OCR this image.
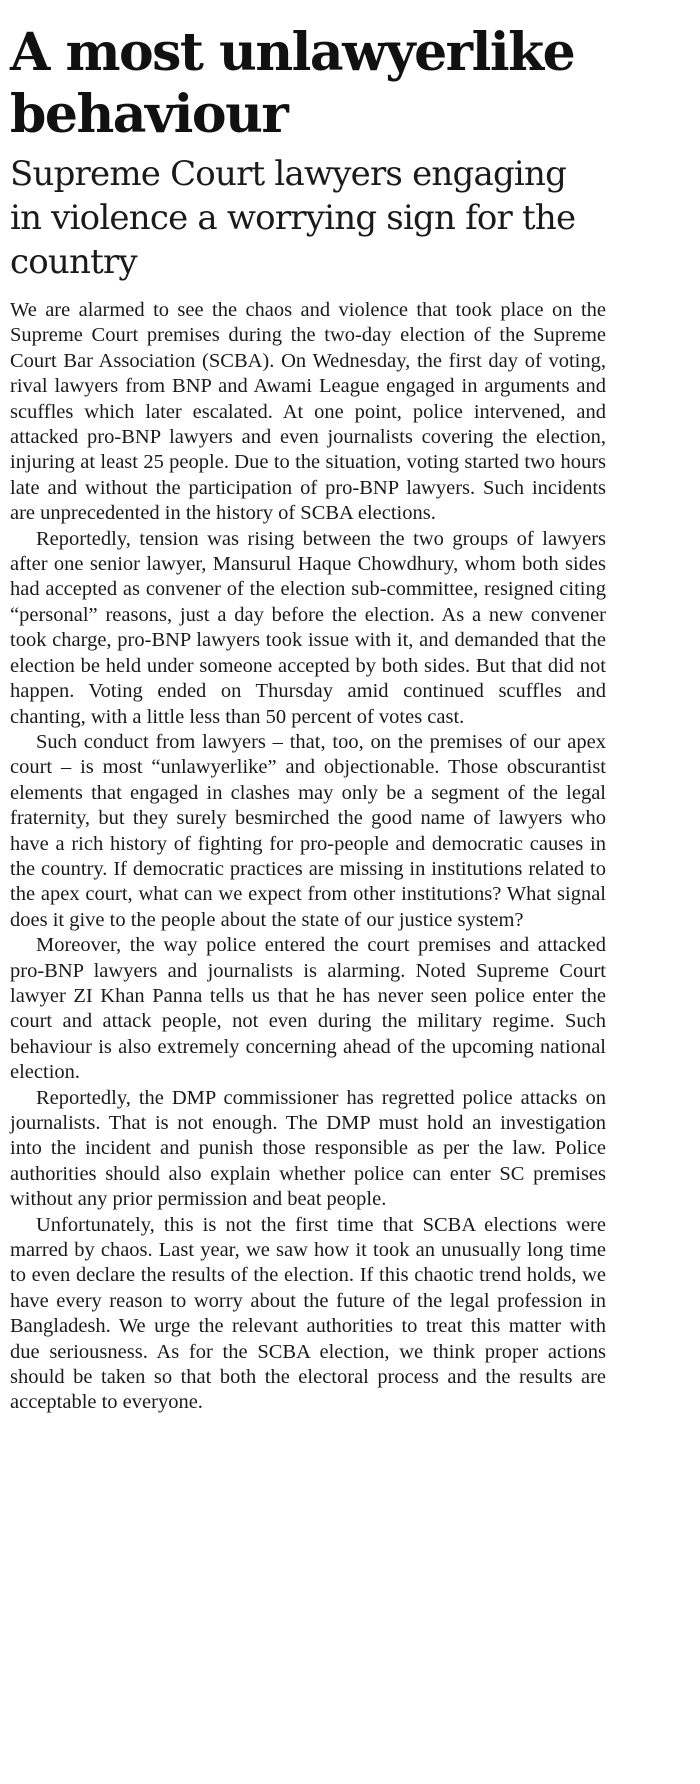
A most unlawyerlike behaviour
Supreme Court lawyers engaging in violence a worrying sign for the country

We are alarmed to see the chaos and violence that took place on the Supreme Court premises during the two-day election of the Supreme Court Bar Association (SCBA). On Wednesday, the first day of voting, rival lawyers from BNP and Awami League engaged in arguments and scuffles which later escalated. At one point, police intervened, and attacked pro-BNP lawyers and even journalists covering the election, injuring at least 25 people. Due to the situation, voting started two hours late and without the participation of pro-BNP lawyers. Such incidents are unprecedented in the history of SCBA elections.

Reportedly, tension was rising between the two groups of lawyers after one senior lawyer, Mansurul Haque Chowdhury, whom both sides had accepted as convener of the election sub-committee, resigned citing “personal” reasons, just a day before the election. As a new convener took charge, pro-BNP lawyers took issue with it, and demanded that the election be held under someone accepted by both sides. But that did not happen. Voting ended on Thursday amid continued scuffles and chanting, with a little less than 50 percent of votes cast.

Such conduct from lawyers – that, too, on the premises of our apex court – is most “unlawyerlike” and objectionable. Those obscurantist elements that engaged in clashes may only be a segment of the legal fraternity, but they surely besmirched the good name of lawyers who have a rich history of fighting for pro-people and democratic causes in the country. If democratic practices are missing in institutions related to the apex court, what can we expect from other institutions? What signal does it give to the people about the state of our justice system?

Moreover, the way police entered the court premises and attacked pro-BNP lawyers and journalists is alarming. Noted Supreme Court lawyer ZI Khan Panna tells us that he has never seen police enter the court and attack people, not even during the military regime. Such behaviour is also extremely concerning ahead of the upcoming national election.

Reportedly, the DMP commissioner has regretted police attacks on journalists. That is not enough. The DMP must hold an investigation into the incident and punish those responsible as per the law. Police authorities should also explain whether police can enter SC premises without any prior permission and beat people.

Unfortunately, this is not the first time that SCBA elections were marred by chaos. Last year, we saw how it took an unusually long time to even declare the results of the election. If this chaotic trend holds, we have every reason to worry about the future of the legal profession in Bangladesh. We urge the relevant authorities to treat this matter with due seriousness. As for the SCBA election, we think proper actions should be taken so that both the electoral process and the results are acceptable to everyone.
